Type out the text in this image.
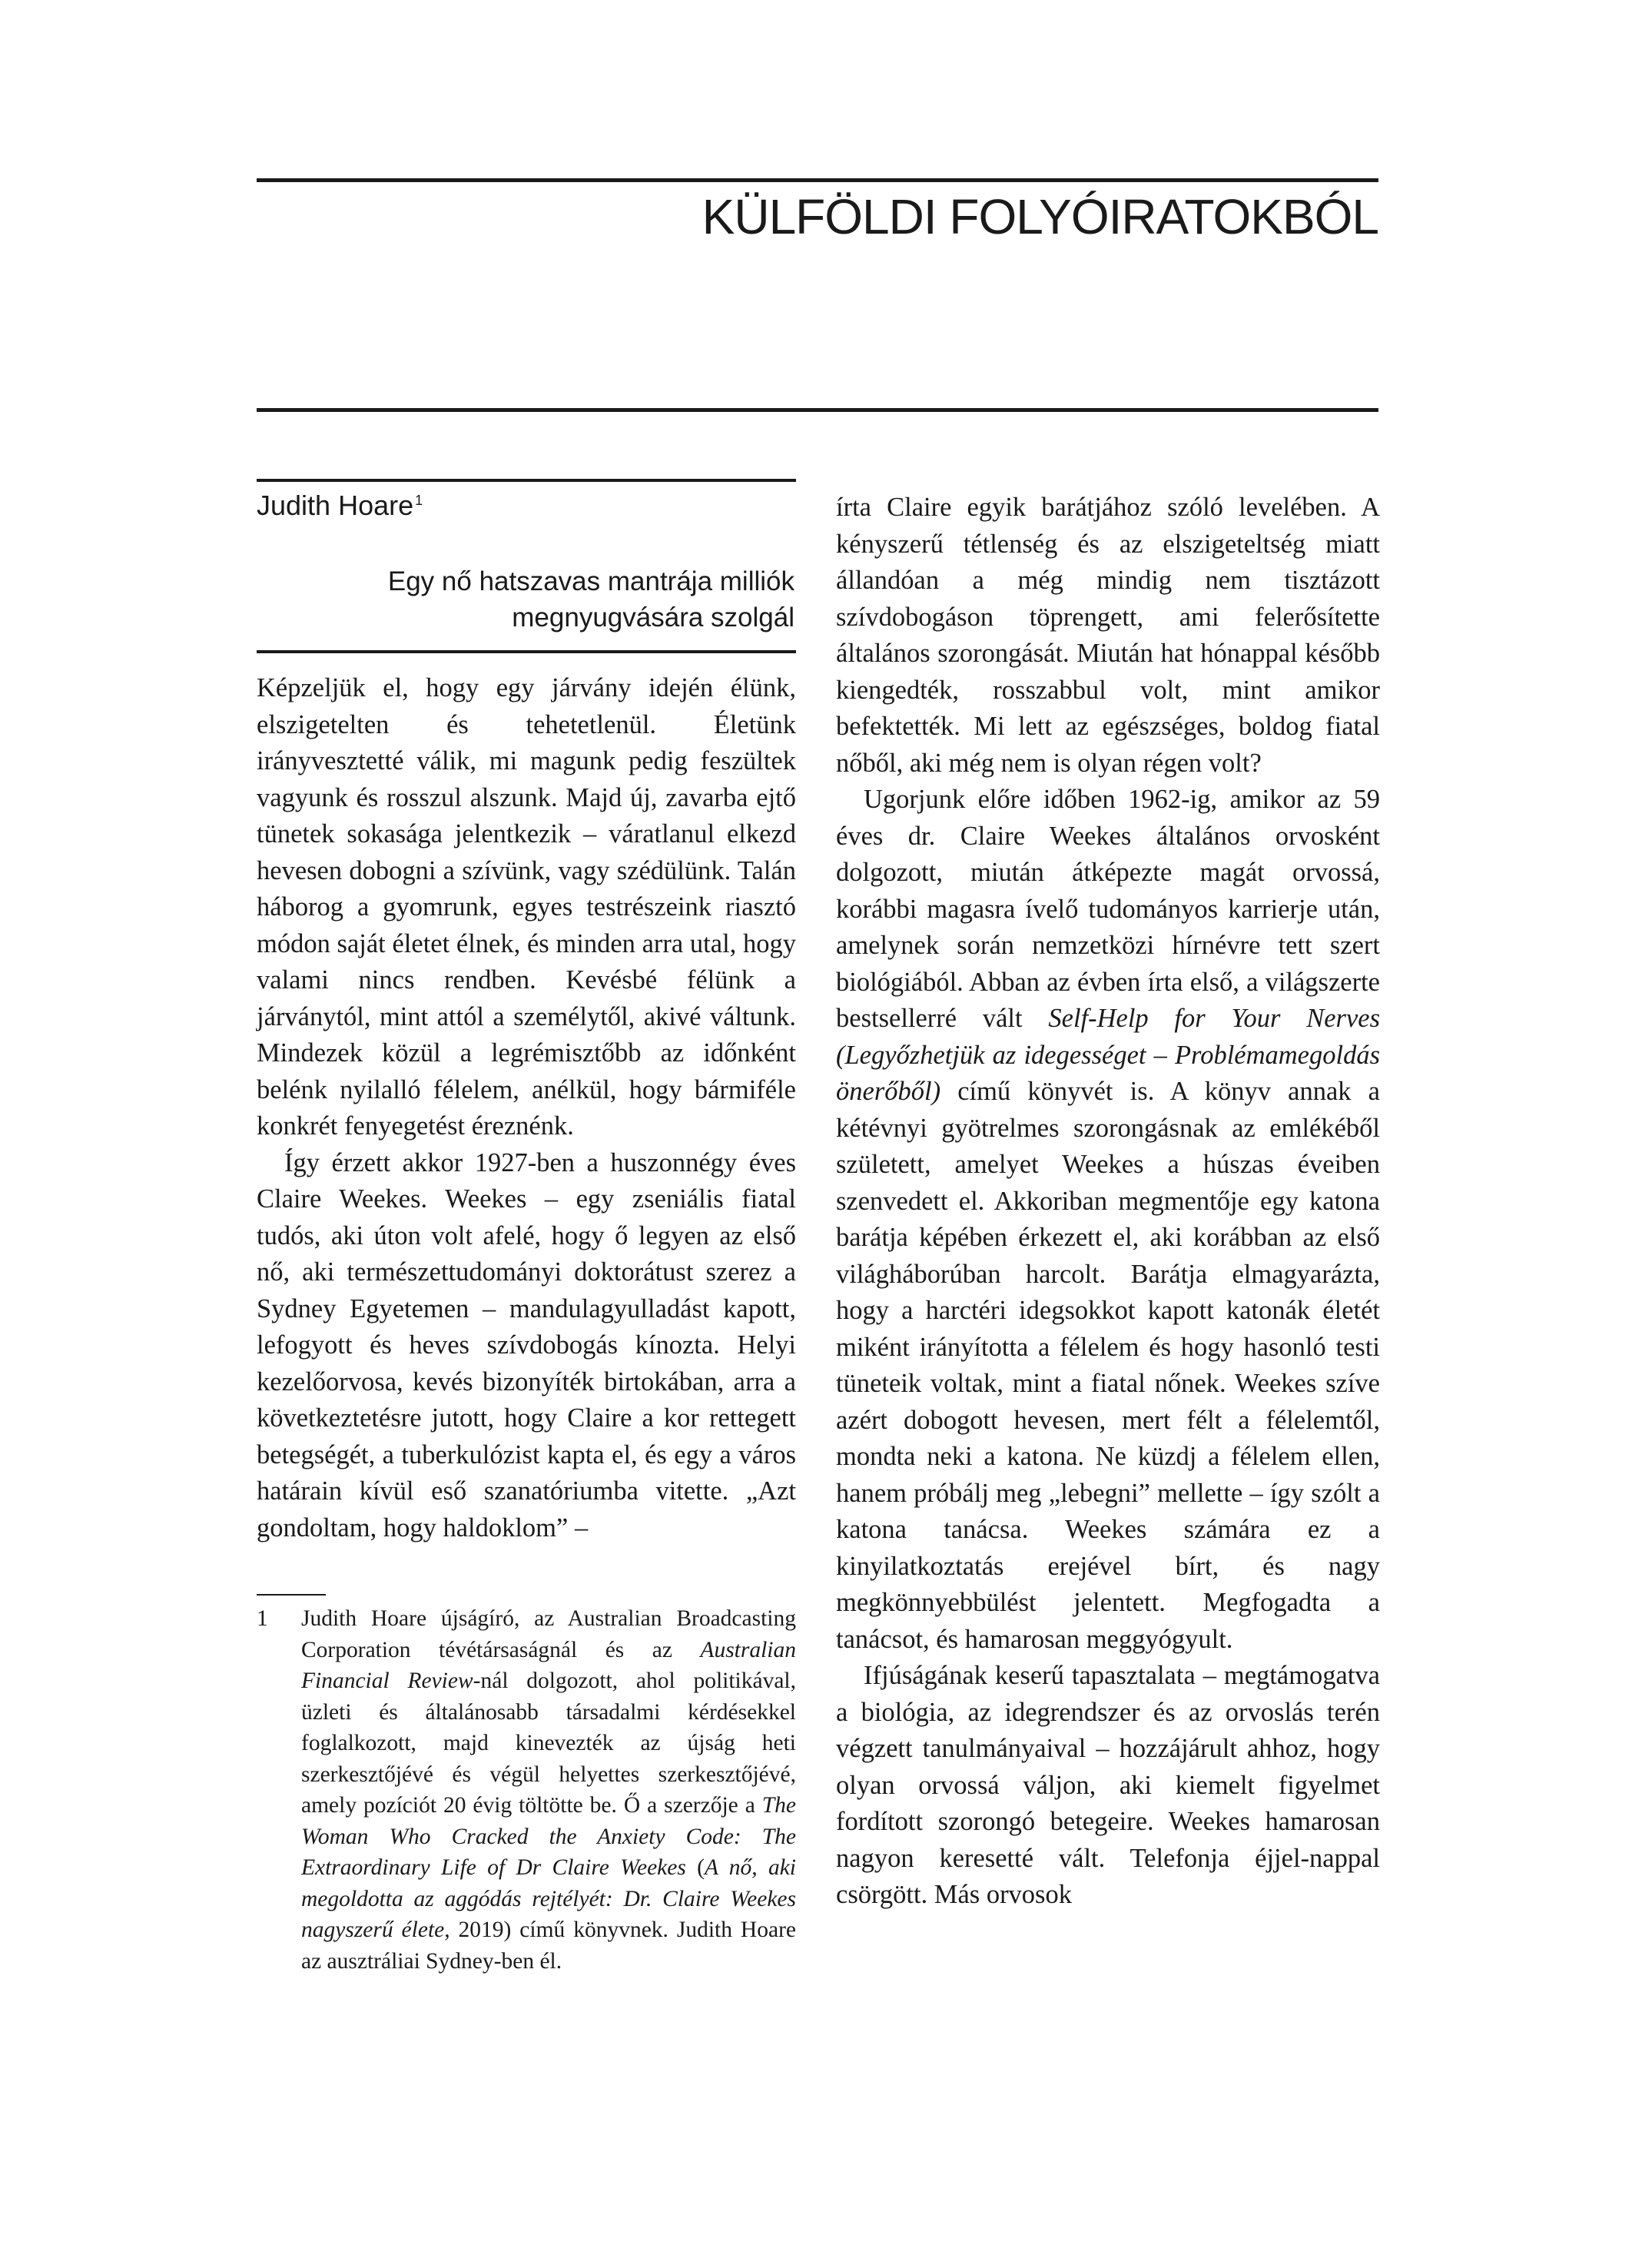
KÜLFÖLDI FOLYÓIRATOKBÓL
Judith Hoare $^1$
Egy nő hatszavas mantrája milliók megnyugvására szolgál

Képzeljük el, hogy egy járvány idején élünk, elszigetelten és tehetetlenül. Életünk irányvesztetté válik, mi magunk pedig feszültek vagyunk és rosszul alszunk. Majd új, zavarba ejtő tünetek sokasága jelentkezik – váratlanul elkezd hevesen dobogni a szívünk, vagy szédülünk. Talán háborog a gyomrunk, egyes testrészeink riasztó módon saját életet élnek, és minden arra utal, hogy valami nincs rendben. Kevésbé félünk a járványtól, mint attól a személytől, akivé váltunk. Mindezek közül a legrémisztőbb az időnként belénk nyilalló félelem, anélkül, hogy bármiféle konkrét fenyegetést éreznénk.

Így érzett akkor 1927-ben a huszonnégy éves Claire Weekes. Weekes – egy zseniális fiatal tudós, aki úton volt afelé, hogy ő legyen az első nő, aki természettudományi doktorátust szerez a Sydney Egyetemen – mandulagyulladást kapott, lefogyott és heves szívdobogás kínozta. Helyi kezelőorvosa, kevés bizonyíték birtokában, arra a következtetésre jutott, hogy Claire a kor rettegett betegségét, a tuberkulózist kapta el, és egy a város határain kívül eső szanatóriumba vitette. „Azt gondoltam, hogy haldoklom” –

1 Judith Hoare újságíró, az Australian Broadcasting Corporation tévétársaságnál és az Australian Financial Review-nál dolgozott, ahol politikával, üzleti és általánosabb társadalmi kérdésekkel foglalkozott, majd kinevezték az újság heti szerkesztőjévé és végül helyettes szerkesztőjévé, amely pozíciót 20 évig töltötte be. Ő a szerzője a The Woman Who Cracked the Anxiety Code: The Extraordinary Life of Dr Claire Weekes (A nő, aki megoldotta az aggódás rejtélyét: Dr. Claire Weekes nagyszerű élete, 2019) című könyvnek. Judith Hoare az ausztráliai Sydney-ben él.

írta Claire egyik barátjához szóló levelében. A kényszerű tétlenség és az elszigeteltség miatt állandóan a még mindig nem tisztázott szívdobogáson töprengett, ami felerősítette általános szorongását. Miután hat hónappal később kiengedték, rosszabbul volt, mint amikor befektették. Mi lett az egészséges, boldog fiatal nőből, aki még nem is olyan régen volt?

Ugorjunk előre időben 1962-ig, amikor az 59 éves dr. Claire Weekes általános orvosként dolgozott, miután átképezte magát orvossá, korábbi magasra ívelő tudományos karrierje után, amelynek során nemzetközi hírnévre tett szert biológiából. Abban az évben írta első, a világszerte bestsellerré vált Self-Help for Your Nerves (Legyőzhetjük az idegességet – Problémamegoldás önerőből) című könyvét is. A könyv annak a kétévnyi gyötrelmes szorongásnak az emlékéből született, amelyet Weekes a húszas éveiben szenvedett el. Akkoriban megmentője egy katona barátja képében érkezett el, aki korábban az első világháborúban harcolt. Barátja elmagyarázta, hogy a harctéri idegsokkot kapott katonák életét miként irányította a félelem és hogy hasonló testi tüneteik voltak, mint a fiatal nőnek. Weekes szíve azért dobogott hevesen, mert félt a félelemtől, mondta neki a katona. Ne küzdj a félelem ellen, hanem próbálj meg „lebegni” mellette – így szólt a katona tanácsa. Weekes számára ez a kinyilatkoztatás erejével bírt, és nagy megkönnyebbülést jelentett. Megfogadta a tanácsot, és hamarosan meggyógyult.

Ifjúságának keserű tapasztalata – megtámogatva a biológia, az idegrendszer és az orvoslás terén végzett tanulmányaival – hozzájárult ahhoz, hogy olyan orvossá váljon, aki kiemelt figyelmet fordított szorongó betegeire. Weekes hamarosan nagyon keresetté vált. Telefonja éjjel-nappal csörgött. Más orvosok
